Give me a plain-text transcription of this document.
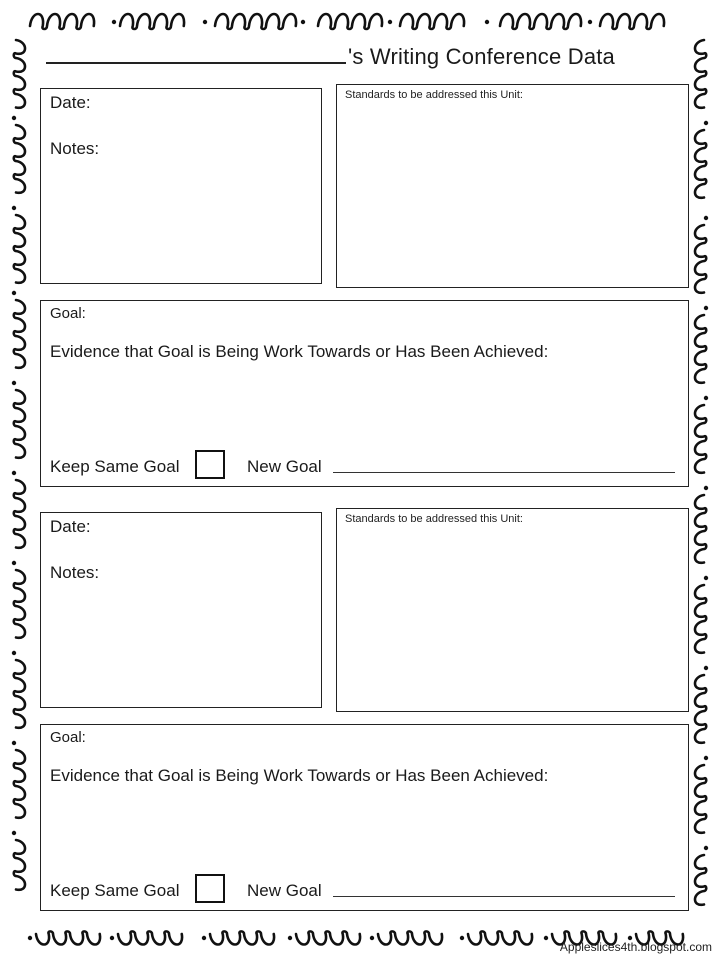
's Writing Conference Data
Date:
Notes:
Standards to be addressed this Unit:
Goal:
Evidence that Goal is Being Work Towards or Has Been Achieved:
Keep Same Goal	New Goal
Date:
Notes:
Standards to be addressed this Unit:
Goal:
Evidence that Goal is Being Work Towards or Has Been Achieved:
Keep Same Goal	New Goal
Appleslices4th.blogspot.com
